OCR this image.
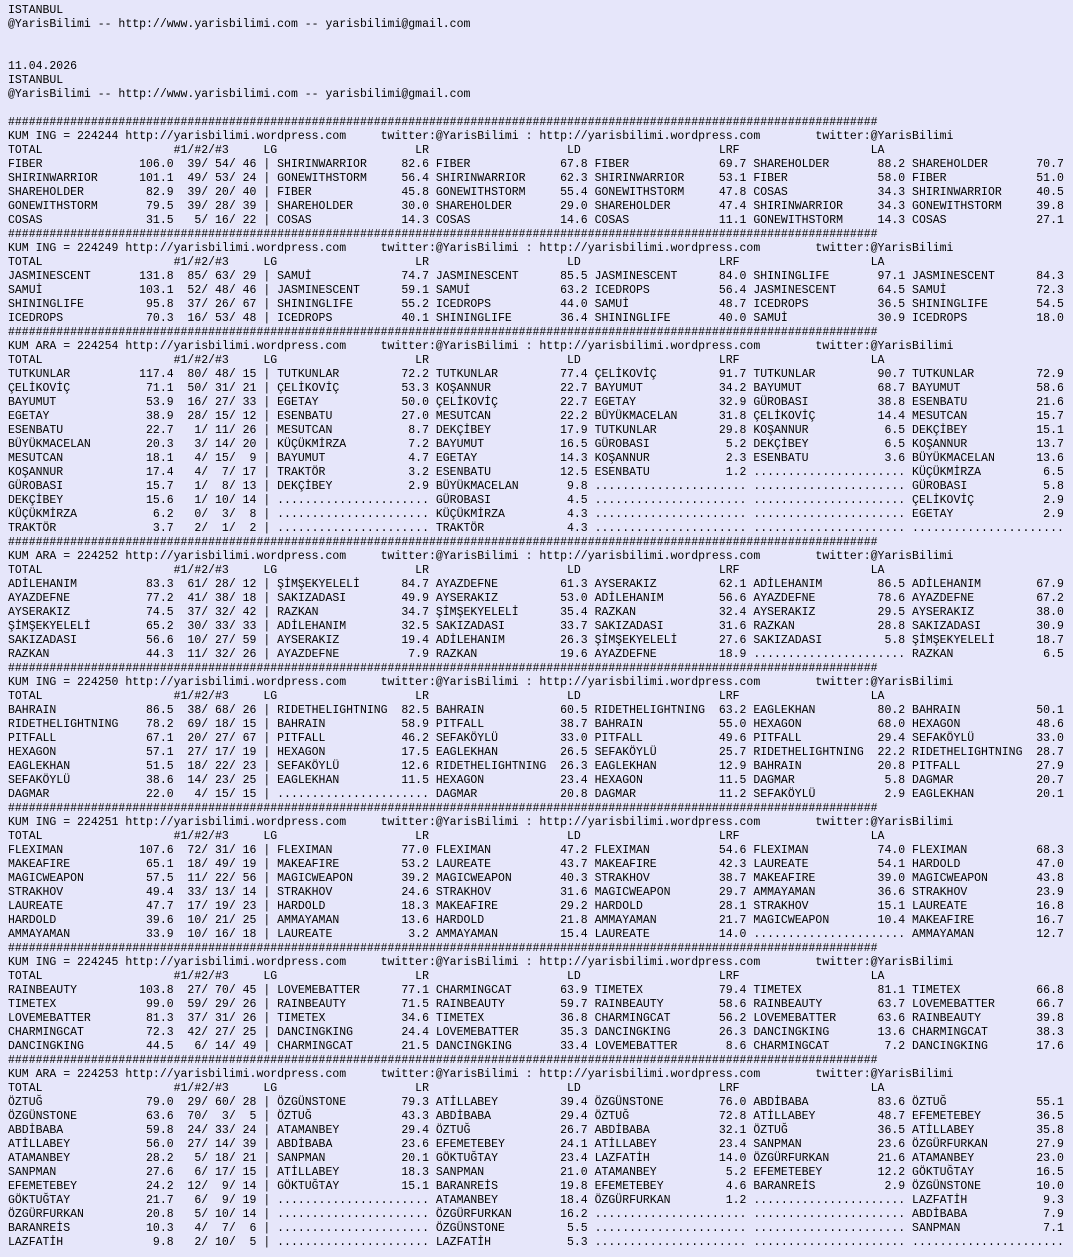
ISTANBUL
@YarisBilimi -- http://www.yarisbilimi.com -- yarisbilimi@gmail.com
11.04.2026
ISTANBUL
@YarisBilimi -- http://www.yarisbilimi.com -- yarisbilimi@gmail.com
##############################################################################################################################
KUM ING = 224244 http://yarisbilimi.wordpress.com     twitter:@YarisBilimi : http://yarisbilimi.wordpress.com        twitter:@YarisBilimi
TOTAL                   #1/#2/#3     LG                    LR                    LD                    LRF                   LA
FIBER              106.0  39/ 54/ 46 | SHIRINWARRIOR     82.6 FIBER             67.8 FIBER             69.7 SHAREHOLDER       88.2 SHAREHOLDER       70.7
SHIRINWARRIOR      101.1  49/ 53/ 24 | GONEWITHSTORM     56.4 SHIRINWARRIOR     62.3 SHIRINWARRIOR     53.1 FIBER             58.0 FIBER             51.0
SHAREHOLDER         82.9  39/ 20/ 40 | FIBER             45.8 GONEWITHSTORM     55.4 GONEWITHSTORM     47.8 COSAS             34.3 SHIRINWARRIOR     40.5
GONEWITHSTORM       79.5  39/ 28/ 39 | SHAREHOLDER       30.0 SHAREHOLDER       29.0 SHAREHOLDER       47.4 SHIRINWARRIOR     34.3 GONEWITHSTORM     39.8
COSAS               31.5   5/ 16/ 22 | COSAS             14.3 COSAS             14.6 COSAS             11.1 GONEWITHSTORM     14.3 COSAS             27.1
##############################################################################################################################
KUM ING = 224249 http://yarisbilimi.wordpress.com     twitter:@YarisBilimi : http://yarisbilimi.wordpress.com        twitter:@YarisBilimi
TOTAL                   #1/#2/#3     LG                    LR                    LD                    LRF                   LA
JASMINESCENT       131.8  85/ 63/ 29 | SAMUİ             74.7 JASMINESCENT      85.5 JASMINESCENT      84.0 SHININGLIFE       97.1 JASMINESCENT      84.3
SAMUİ              103.1  52/ 48/ 46 | JASMINESCENT      59.1 SAMUİ             63.2 ICEDROPS          56.4 JASMINESCENT      64.5 SAMUİ             72.3
SHININGLIFE         95.8  37/ 26/ 67 | SHININGLIFE       55.2 ICEDROPS          44.0 SAMUİ             48.7 ICEDROPS          36.5 SHININGLIFE       54.5
ICEDROPS            70.3  16/ 53/ 48 | ICEDROPS          40.1 SHININGLIFE       36.4 SHININGLIFE       40.0 SAMUİ             30.9 ICEDROPS          18.0
##############################################################################################################################
KUM ARA = 224254 http://yarisbilimi.wordpress.com     twitter:@YarisBilimi : http://yarisbilimi.wordpress.com        twitter:@YarisBilimi
TOTAL                   #1/#2/#3     LG                    LR                    LD                    LRF                   LA
TUTKUNLAR          117.4  80/ 48/ 15 | TUTKUNLAR         72.2 TUTKUNLAR         77.4 ÇELİKOVİÇ         91.7 TUTKUNLAR         90.7 TUTKUNLAR         72.9
ÇELİKOVİÇ           71.1  50/ 31/ 21 | ÇELİKOVİÇ         53.3 KOŞANNUR          22.7 BAYUMUT           34.2 BAYUMUT           68.7 BAYUMUT           58.6
BAYUMUT             53.9  16/ 27/ 33 | EGETAY            50.0 ÇELİKOVİÇ         22.7 EGETAY            32.9 GÜROBASI          38.8 ESENBATU          21.6
EGETAY              38.9  28/ 15/ 12 | ESENBATU          27.0 MESUTCAN          22.2 BÜYÜKMACELAN      31.8 ÇELİKOVİÇ         14.4 MESUTCAN          15.7
ESENBATU            22.7   1/ 11/ 26 | MESUTCAN           8.7 DEKÇİBEY          17.9 TUTKUNLAR         29.8 KOŞANNUR           6.5 DEKÇİBEY          15.1
BÜYÜKMACELAN        20.3   3/ 14/ 20 | KÜÇÜKMİRZA         7.2 BAYUMUT           16.5 GÜROBASI           5.2 DEKÇİBEY           6.5 KOŞANNUR          13.7
MESUTCAN            18.1   4/ 15/  9 | BAYUMUT            4.7 EGETAY            14.3 KOŞANNUR           2.3 ESENBATU           3.6 BÜYÜKMACELAN      13.6
KOŞANNUR            17.4   4/  7/ 17 | TRAKTÖR            3.2 ESENBATU          12.5 ESENBATU           1.2 ...................... KÜÇÜKMİRZA         6.5
GÜROBASI            15.7   1/  8/ 13 | DEKÇİBEY           2.9 BÜYÜKMACELAN       9.8 ...................... ...................... GÜROBASI           5.8
DEKÇİBEY            15.6   1/ 10/ 14 | ...................... GÜROBASI           4.5 ...................... ...................... ÇELİKOVİÇ          2.9
KÜÇÜKMİRZA           6.2   0/  3/  8 | ...................... KÜÇÜKMİRZA         4.3 ...................... ...................... EGETAY             2.9
TRAKTÖR              3.7   2/  1/  2 | ...................... TRAKTÖR            4.3 ...................... ...................... ......................
##############################################################################################################################
KUM ARA = 224252 http://yarisbilimi.wordpress.com     twitter:@YarisBilimi : http://yarisbilimi.wordpress.com        twitter:@YarisBilimi
TOTAL                   #1/#2/#3     LG                    LR                    LD                    LRF                   LA
ADİLEHANIM          83.3  61/ 28/ 12 | ŞİMŞEKYELELİ      84.7 AYAZDEFNE         61.3 AYSERAKIZ         62.1 ADİLEHANIM        86.5 ADİLEHANIM        67.9
AYAZDEFNE           77.2  41/ 38/ 18 | SAKIZADASI        49.9 AYSERAKIZ         53.0 ADİLEHANIM        56.6 AYAZDEFNE         78.6 AYAZDEFNE         67.2
AYSERAKIZ           74.5  37/ 32/ 42 | RAZKAN            34.7 ŞİMŞEKYELELİ      35.4 RAZKAN            32.4 AYSERAKIZ         29.5 AYSERAKIZ         38.0
ŞİMŞEKYELELİ        65.2  30/ 33/ 33 | ADİLEHANIM        32.5 SAKIZADASI        33.7 SAKIZADASI        31.6 RAZKAN            28.8 SAKIZADASI        30.9
SAKIZADASI          56.6  10/ 27/ 59 | AYSERAKIZ         19.4 ADİLEHANIM        26.3 ŞİMŞEKYELELİ      27.6 SAKIZADASI         5.8 ŞİMŞEKYELELİ      18.7
RAZKAN              44.3  11/ 32/ 26 | AYAZDEFNE          7.9 RAZKAN            19.6 AYAZDEFNE         18.9 ...................... RAZKAN             6.5
##############################################################################################################################
KUM ING = 224250 http://yarisbilimi.wordpress.com     twitter:@YarisBilimi : http://yarisbilimi.wordpress.com        twitter:@YarisBilimi
TOTAL                   #1/#2/#3     LG                    LR                    LD                    LRF                   LA
BAHRAIN             86.5  38/ 68/ 26 | RIDETHELIGHTNING  82.5 BAHRAIN           60.5 RIDETHELIGHTNING  63.2 EAGLEKHAN         80.2 BAHRAIN           50.1
RIDETHELIGHTNING    78.2  69/ 18/ 15 | BAHRAIN           58.9 PITFALL           38.7 BAHRAIN           55.0 HEXAGON           68.0 HEXAGON           48.6
PITFALL             67.1  20/ 27/ 67 | PITFALL           46.2 SEFAKÖYLÜ         33.0 PITFALL           49.6 PITFALL           29.4 SEFAKÖYLÜ         33.0
HEXAGON             57.1  27/ 17/ 19 | HEXAGON           17.5 EAGLEKHAN         26.5 SEFAKÖYLÜ         25.7 RIDETHELIGHTNING  22.2 RIDETHELIGHTNING  28.7
EAGLEKHAN           51.5  18/ 22/ 23 | SEFAKÖYLÜ         12.6 RIDETHELIGHTNING  26.3 EAGLEKHAN         12.9 BAHRAIN           20.8 PITFALL           27.9
SEFAKÖYLÜ           38.6  14/ 23/ 25 | EAGLEKHAN         11.5 HEXAGON           23.4 HEXAGON           11.5 DAGMAR             5.8 DAGMAR            20.7
DAGMAR              22.0   4/ 15/ 15 | ...................... DAGMAR            20.8 DAGMAR            11.2 SEFAKÖYLÜ          2.9 EAGLEKHAN         20.1
##############################################################################################################################
KUM ING = 224251 http://yarisbilimi.wordpress.com     twitter:@YarisBilimi : http://yarisbilimi.wordpress.com        twitter:@YarisBilimi
TOTAL                   #1/#2/#3     LG                    LR                    LD                    LRF                   LA
FLEXIMAN           107.6  72/ 31/ 16 | FLEXIMAN          77.0 FLEXIMAN          47.2 FLEXIMAN          54.6 FLEXIMAN          74.0 FLEXIMAN          68.3
MAKEAFIRE           65.1  18/ 49/ 19 | MAKEAFIRE         53.2 LAUREATE          43.7 MAKEAFIRE         42.3 LAUREATE          54.1 HARDOLD           47.0
MAGICWEAPON         57.5  11/ 22/ 56 | MAGICWEAPON       39.2 MAGICWEAPON       40.3 STRAKHOV          38.7 MAKEAFIRE         39.0 MAGICWEAPON       43.8
STRAKHOV            49.4  33/ 13/ 14 | STRAKHOV          24.6 STRAKHOV          31.6 MAGICWEAPON       29.7 AMMAYAMAN         36.6 STRAKHOV          23.9
LAUREATE            47.7  17/ 19/ 23 | HARDOLD           18.3 MAKEAFIRE         29.2 HARDOLD           28.1 STRAKHOV          15.1 LAUREATE          16.8
HARDOLD             39.6  10/ 21/ 25 | AMMAYAMAN         13.6 HARDOLD           21.8 AMMAYAMAN         21.7 MAGICWEAPON       10.4 MAKEAFIRE         16.7
AMMAYAMAN           33.9  10/ 16/ 18 | LAUREATE           3.2 AMMAYAMAN         15.4 LAUREATE          14.0 ...................... AMMAYAMAN         12.7
##############################################################################################################################
KUM ING = 224245 http://yarisbilimi.wordpress.com     twitter:@YarisBilimi : http://yarisbilimi.wordpress.com        twitter:@YarisBilimi
TOTAL                   #1/#2/#3     LG                    LR                    LD                    LRF                   LA
RAINBEAUTY         103.8  27/ 70/ 45 | LOVEMEBATTER      77.1 CHARMINGCAT       63.9 TIMETEX           79.4 TIMETEX           81.1 TIMETEX           66.8
TIMETEX             99.0  59/ 29/ 26 | RAINBEAUTY        71.5 RAINBEAUTY        59.7 RAINBEAUTY        58.6 RAINBEAUTY        63.7 LOVEMEBATTER      66.7
LOVEMEBATTER        81.3  37/ 31/ 26 | TIMETEX           34.6 TIMETEX           36.8 CHARMINGCAT       56.2 LOVEMEBATTER      63.6 RAINBEAUTY        39.8
CHARMINGCAT         72.3  42/ 27/ 25 | DANCINGKING       24.4 LOVEMEBATTER      35.3 DANCINGKING       26.3 DANCINGKING       13.6 CHARMINGCAT       38.3
DANCINGKING         44.5   6/ 14/ 49 | CHARMINGCAT       21.5 DANCINGKING       33.4 LOVEMEBATTER       8.6 CHARMINGCAT        7.2 DANCINGKING       17.6
##############################################################################################################################
KUM ARA = 224253 http://yarisbilimi.wordpress.com     twitter:@YarisBilimi : http://yarisbilimi.wordpress.com        twitter:@YarisBilimi
TOTAL                   #1/#2/#3     LG                    LR                    LD                    LRF                   LA
ÖZTUĞ               79.0  29/ 60/ 28 | ÖZGÜNSTONE        79.3 ATİLLABEY         39.4 ÖZGÜNSTONE        76.0 ABDİBABA          83.6 ÖZTUĞ             55.1
ÖZGÜNSTONE          63.6  70/  3/  5 | ÖZTUĞ             43.3 ABDİBABA          29.4 ÖZTUĞ             72.8 ATİLLABEY         48.7 EFEMETEBEY        36.5
ABDİBABA            59.8  24/ 33/ 24 | ATAMANBEY         29.4 ÖZTUĞ             26.7 ABDİBABA          32.1 ÖZTUĞ             36.5 ATİLLABEY         35.8
ATİLLABEY           56.0  27/ 14/ 39 | ABDİBABA          23.6 EFEMETEBEY        24.1 ATİLLABEY         23.4 SANPMAN           23.6 ÖZGÜRFURKAN       27.9
ATAMANBEY           28.2   5/ 18/ 21 | SANPMAN           20.1 GÖKTUĞTAY         23.4 LAZFATİH          14.0 ÖZGÜRFURKAN       21.6 ATAMANBEY         23.0
SANPMAN             27.6   6/ 17/ 15 | ATİLLABEY         18.3 SANPMAN           21.0 ATAMANBEY          5.2 EFEMETEBEY        12.2 GÖKTUĞTAY         16.5
EFEMETEBEY          24.2  12/  9/ 14 | GÖKTUĞTAY         15.1 BARANREİS         19.8 EFEMETEBEY         4.6 BARANREİS          2.9 ÖZGÜNSTONE        10.0
GÖKTUĞTAY           21.7   6/  9/ 19 | ...................... ATAMANBEY         18.4 ÖZGÜRFURKAN        1.2 ...................... LAZFATİH           9.3
ÖZGÜRFURKAN         20.8   5/ 10/ 14 | ...................... ÖZGÜRFURKAN       16.2 ...................... ...................... ABDİBABA           7.9
BARANREİS           10.3   4/  7/  6 | ...................... ÖZGÜNSTONE         5.5 ...................... ...................... SANPMAN            7.1
LAZFATİH             9.8   2/ 10/  5 | ...................... LAZFATİH           5.3 ...................... ...................... ......................
